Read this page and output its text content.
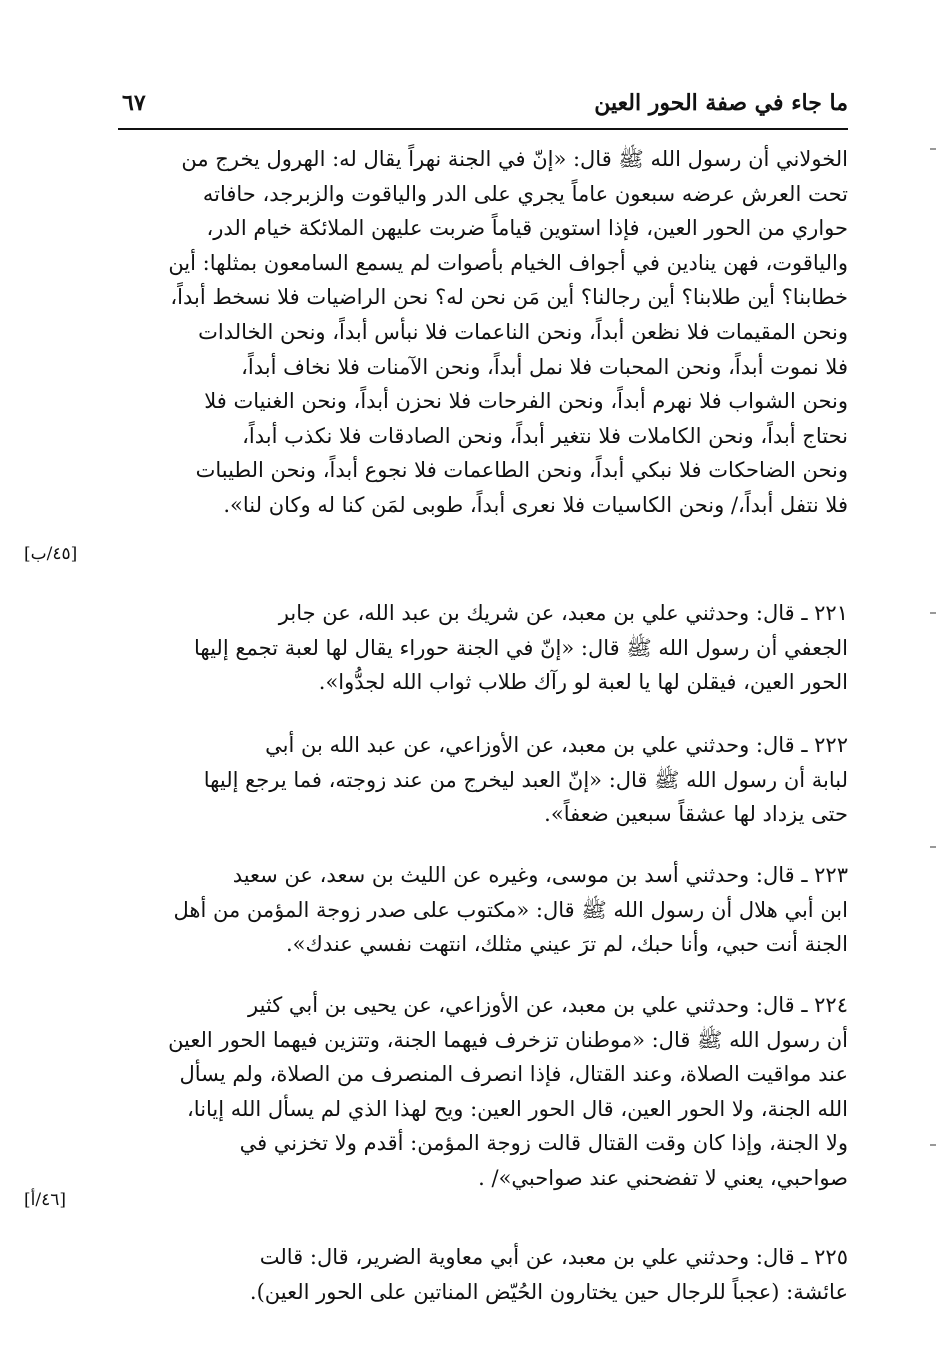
ما جاء في صفة الحور العين
٦٧
الخولاني أن رسول الله ﷺ قال: «إنّ في الجنة نهراً يقال له: الهرول يخرج من
تحت العرش عرضه سبعون عاماً يجري على الدر والياقوت والزبرجد، حافاته
حواري من الحور العين، فإذا استوين قياماً ضربت عليهن الملائكة خيام الدر،
والياقوت، فهن ينادين في أجواف الخيام بأصوات لم يسمع السامعون بمثلها: أين
خطابنا؟ أين طلابنا؟ أين رجالنا؟ أين مَن نحن له؟ نحن الراضيات فلا نسخط أبداً،
ونحن المقيمات فلا نظعن أبداً، ونحن الناعمات فلا نبأس أبداً، ونحن الخالدات
فلا نموت أبداً، ونحن المحبات فلا نمل أبداً، ونحن الآمنات فلا نخاف أبداً،
ونحن الشواب فلا نهرم أبداً، ونحن الفرحات فلا نحزن أبداً، ونحن الغنيات فلا
نحتاج أبداً، ونحن الكاملات فلا نتغير أبداً، ونحن الصادقات فلا نكذب أبداً،
ونحن الضاحكات فلا نبكي أبداً، ونحن الطاعمات فلا نجوع أبداً، ونحن الطيبات
فلا نتفل أبداً،/ ونحن الكاسيات فلا نعرى أبداً، طوبى لمَن كنا له وكان لنا».
[٤٥/ب]
٢٢١ ـ قال: وحدثني علي بن معبد، عن شريك بن عبد الله، عن جابر
الجعفي أن رسول الله ﷺ قال: «إنّ في الجنة حوراء يقال لها لعبة تجمع إليها
الحور العين، فيقلن لها يا لعبة لو رآك طلاب ثواب الله لجدُّوا».
٢٢٢ ـ قال: وحدثني علي بن معبد، عن الأوزاعي، عن عبد الله بن أبي
لبابة أن رسول الله ﷺ قال: «إنّ العبد ليخرج من عند زوجته، فما يرجع إليها
حتى يزداد لها عشقاً سبعين ضعفاً».
٢٢٣ ـ قال: وحدثني أسد بن موسى، وغيره عن الليث بن سعد، عن سعيد
ابن أبي هلال أن رسول الله ﷺ قال: «مكتوب على صدر زوجة المؤمن من أهل
الجنة أنت حبي، وأنا حبك، لم ترَ عيني مثلك، انتهت نفسي عندك».
٢٢٤ ـ قال: وحدثني علي بن معبد، عن الأوزاعي، عن يحيى بن أبي كثير
أن رسول الله ﷺ قال: «موطنان تزخرف فيهما الجنة، وتتزين فيهما الحور العين
عند مواقيت الصلاة، وعند القتال، فإذا انصرف المنصرف من الصلاة، ولم يسأل
الله الجنة، ولا الحور العين، قال الحور العين: ويح لهذا الذي لم يسأل الله إيانا،
ولا الجنة، وإذا كان وقت القتال قالت زوجة المؤمن: أقدم ولا تخزني في
صواحبي، يعني لا تفضحني عند صواحبي»/ .
[٤٦/أ]
٢٢٥ ـ قال: وحدثني علي بن معبد، عن أبي معاوية الضرير، قال: قالت
عائشة: (عجباً للرجال حين يختارون الحُيّض المناتين على الحور العين).
